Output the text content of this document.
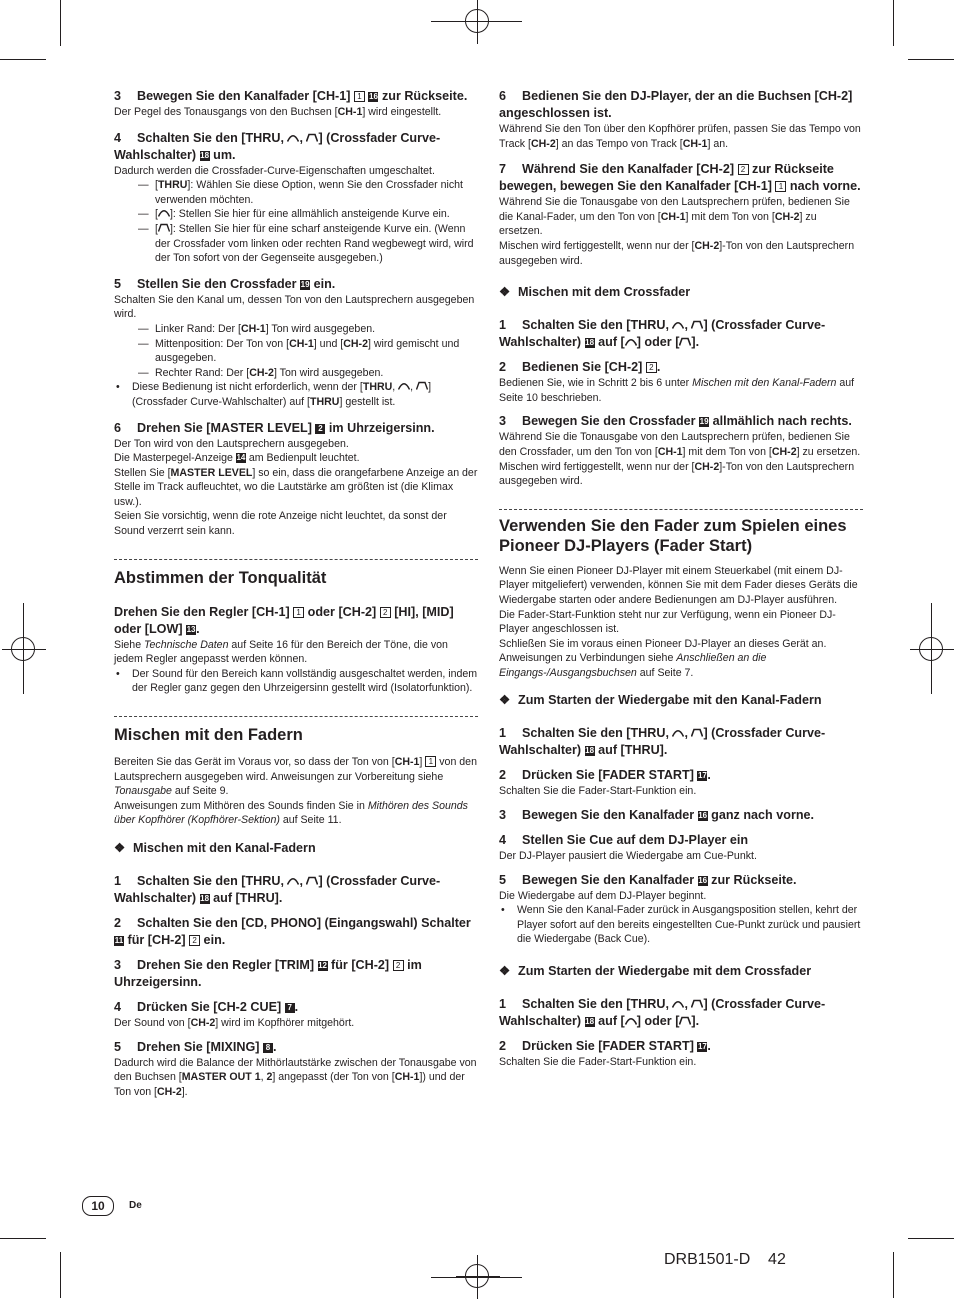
3 Bewegen Sie den Kanalfader [CH-1] 1 16 zur Rückseite.

Der Pegel des Tonausgangs von den Buchsen [CH-1] wird eingestellt.

4 Schalten Sie den [THRU,
,
] (Crossfader Curve-Wahlschalter) 18 um.

Dadurch werden die Crossfader-Curve-Eigenschaften umgeschaltet.

— [THRU]: Wählen Sie diese Option, wenn Sie den Crossfader nicht verwenden möchten.

— [ ]: Stellen Sie hier für eine allmählich ansteigende Kurve ein.

— [ ]: Stellen Sie hier für eine scharf ansteigende Kurve ein. (Wenn der Crossfader vom linken oder rechten Rand wegbewegt wird, wird der Ton sofort von der Gegenseite ausgegeben.)

5 Stellen Sie den Crossfader 19 ein.

Schalten Sie den Kanal um, dessen Ton von den Lautsprechern ausgegeben wird.

— Linker Rand: Der [CH-1] Ton wird ausgegeben.

— Mittenposition: Der Ton von [CH-1] und [CH-2] wird gemischt und ausgegeben.

— Rechter Rand: Der [CH-2] Ton wird ausgegeben.

• Diese Bedienung ist nicht erforderlich, wenn der [THRU,
,
] (Crossfader Curve-Wahlschalter) auf [THRU] gestellt ist.

6 Drehen Sie [MASTER LEVEL] 2 im Uhrzeigersinn.

Der Ton wird von den Lautsprechern ausgegeben.

Die Masterpegel-Anzeige 14 am Bedienpult leuchtet.

Stellen Sie [MASTER LEVEL] so ein, dass die orangefarbene Anzeige an der Stelle im Track aufleuchtet, wo die Lautstärke am größten ist (die Klimax usw.).

Seien Sie vorsichtig, wenn die rote Anzeige nicht leuchtet, da sonst der Sound verzerrt sein kann.

Abstimmen der Tonqualität

Drehen Sie den Regler [CH-1] 1 oder [CH-2] 2 [HI], [MID] oder [LOW] 13.

Siehe Technische Daten auf Seite 16 für den Bereich der Töne, die von jedem Regler angepasst werden können.

• Der Sound für den Bereich kann vollständig ausgeschaltet werden, indem der Regler ganz gegen den Uhrzeigersinn gestellt wird (Isolatorfunktion).

Mischen mit den Fadern

Bereiten Sie das Gerät im Voraus vor, so dass der Ton von [CH-1] 1 von den Lautsprechern ausgegeben wird. Anweisungen zur Vorbereitung siehe Tonausgabe auf Seite 9.

Anweisungen zum Mithören des Sounds finden Sie in Mithören des Sounds über Kopfhörer (Kopfhörer-Sektion) auf Seite 11.

❖ Mischen mit den Kanal-Fadern

1 Schalten Sie den [THRU,
,
] (Crossfader Curve-Wahlschalter) 18 auf [THRU].

2 Schalten Sie den [CD, PHONO] (Eingangswahl) Schalter 11 für [CH-2] 2 ein.

3 Drehen Sie den Regler [TRIM] 12 für [CH-2] 2 im Uhrzeigersinn.

4 Drücken Sie [CH-2 CUE] 7 .

Der Sound von [CH-2] wird im Kopfhörer mitgehört.

5 Drehen Sie [MIXING] 8 .

Dadurch wird die Balance der Mithörlautstärke zwischen der Tonausgabe von den Buchsen [MASTER OUT 1, 2] angepasst (der Ton von [CH-1]) und der Ton von [CH-2].

6 Bedienen Sie den DJ-Player, der an die Buchsen [CH-2] angeschlossen ist.

Während Sie den Ton über den Kopfhörer prüfen, passen Sie das Tempo von Track [CH-2] an das Tempo von Track [CH-1] an.

7 Während Sie den Kanalfader [CH-2] 2 zur Rückseite bewegen, bewegen Sie den Kanalfader [CH-1] 1 nach vorne.

Während Sie die Tonausgabe von den Lautsprechern prüfen, bedienen Sie die Kanal-Fader, um den Ton von [CH-1] mit dem Ton von [CH-2] zu ersetzen.

Mischen wird fertiggestellt, wenn nur der [CH-2]-Ton von den Lautsprechern ausgegeben wird.

❖ Mischen mit dem Crossfader

1 Schalten Sie den [THRU,
,
] (Crossfader Curve-Wahlschalter) 18 auf [ ] oder [ ].

2 Bedienen Sie [CH-2] 2 .

Bedienen Sie, wie in Schritt 2 bis 6 unter Mischen mit den Kanal-Fadern auf Seite 10 beschrieben.

3 Bewegen Sie den Crossfader 19 allmählich nach rechts.

Während Sie die Tonausgabe von den Lautsprechern prüfen, bedienen Sie den Crossfader, um den Ton von [CH-1] mit dem Ton von [CH-2] zu ersetzen.

Mischen wird fertiggestellt, wenn nur der [CH-2]-Ton von den Lautsprechern ausgegeben wird.

Verwenden Sie den Fader zum Spielen eines Pioneer DJ-Players (Fader Start)

Wenn Sie einen Pioneer DJ-Player mit einem Steuerkabel (mit einem DJ-Player mitgeliefert) verwenden, können Sie mit dem Fader dieses Geräts die Wiedergabe starten oder andere Bedienungen am DJ-Player ausführen.

Die Fader-Start-Funktion steht nur zur Verfügung, wenn ein Pioneer DJ-Player angeschlossen ist.

Schließen Sie im voraus einen Pioneer DJ-Player an dieses Gerät an. Anweisungen zu Verbindungen siehe Anschließen an die Eingangs-/Ausgangsbuchsen auf Seite 7.

❖ Zum Starten der Wiedergabe mit den Kanal-Fadern

1 Schalten Sie den [THRU,
,
] (Crossfader Curve-Wahlschalter) 18 auf [THRU].

2 Drücken Sie [FADER START] 17.

Schalten Sie die Fader-Start-Funktion ein.

3 Bewegen Sie den Kanalfader 16 ganz nach vorne.

4 Stellen Sie Cue auf dem DJ-Player ein

Der DJ-Player pausiert die Wiedergabe am Cue-Punkt.

5 Bewegen Sie den Kanalfader 16 zur Rückseite.

Die Wiedergabe auf dem DJ-Player beginnt.

• Wenn Sie den Kanal-Fader zurück in Ausgangsposition stellen, kehrt der Player sofort auf den bereits eingestellten Cue-Punkt zurück und pausiert die Wiedergabe (Back Cue).

❖ Zum Starten der Wiedergabe mit dem Crossfader

1 Schalten Sie den [THRU,
,
] (Crossfader Curve-Wahlschalter) 18 auf [ ] oder [ ].

2 Drücken Sie [FADER START] 17.

Schalten Sie die Fader-Start-Funktion ein.

10	De
DRB1501-D    42
